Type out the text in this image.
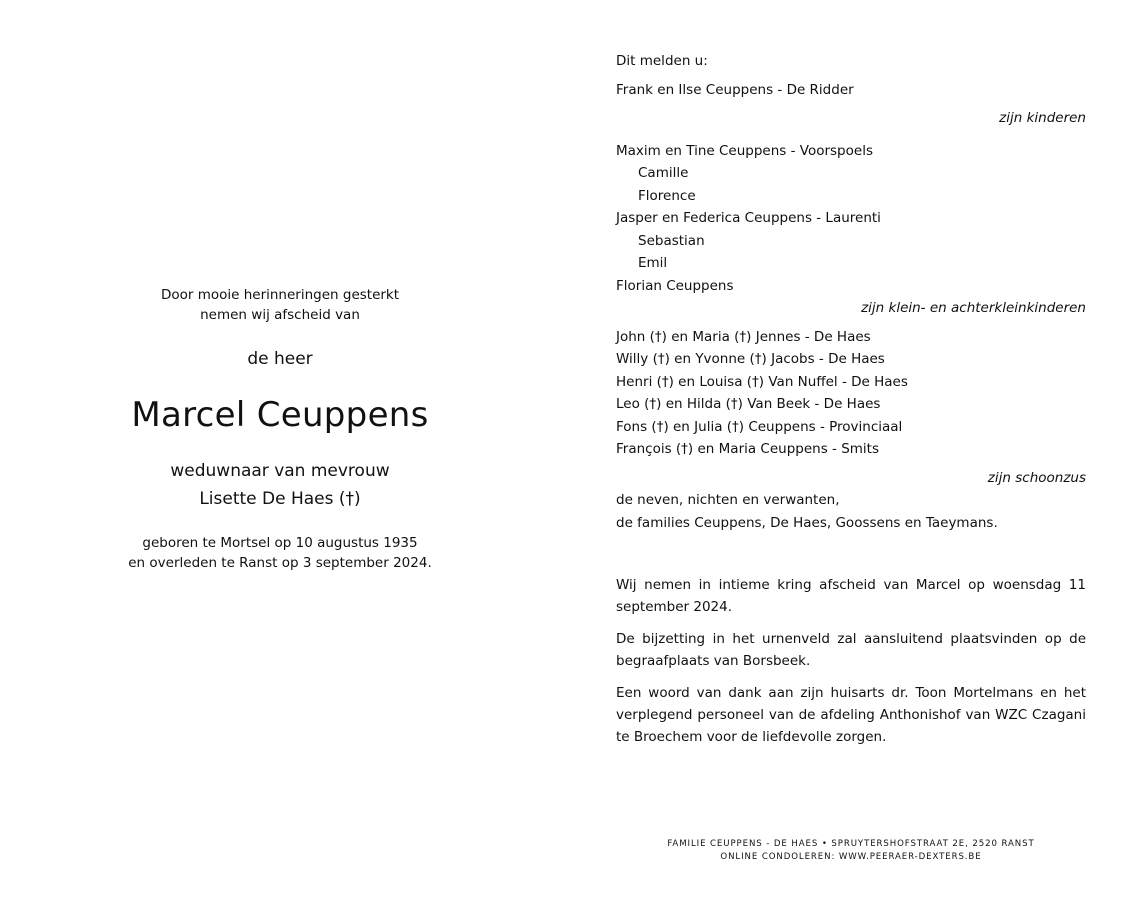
Door mooie herinneringen gesterkt
nemen wij afscheid van
de heer
Marcel Ceuppens
weduwnaar van mevrouw
Lisette De Haes (†)
geboren te Mortsel op 10 augustus 1935
en overleden te Ranst op 3 september 2024.
Dit melden u:
Frank en Ilse Ceuppens - De Ridder
zijn kinderen
Maxim en Tine Ceuppens - Voorspoels
Camille
Florence
Jasper en Federica Ceuppens - Laurenti
Sebastian
Emil
Florian Ceuppens
zijn klein- en achterkleinkinderen
John (†) en Maria (†) Jennes - De Haes
Willy (†) en Yvonne (†) Jacobs - De Haes
Henri (†) en Louisa (†) Van Nuffel - De Haes
Leo (†) en Hilda (†) Van Beek - De Haes
Fons (†) en Julia (†) Ceuppens - Provinciaal
François (†) en Maria Ceuppens - Smits
zijn schoonzus
de neven, nichten en verwanten,
de families Ceuppens, De Haes, Goossens en Taeymans.

Wij nemen in intieme kring afscheid van Marcel op woensdag 11 september 2024.

De bijzetting in het urnenveld zal aansluitend plaatsvinden op de begraafplaats van Borsbeek.

Een woord van dank aan zijn huisarts dr. Toon Mortelmans en het verplegend personeel van de afdeling Anthonishof van WZC Czagani te Broechem voor de liefdevolle zorgen.

FAMILIE CEUPPENS - DE HAES • SPRUYTERSHOFSTRAAT 2E, 2520 RANST
ONLINE CONDOLEREN: WWW.PEERAER-DEXTERS.BE
